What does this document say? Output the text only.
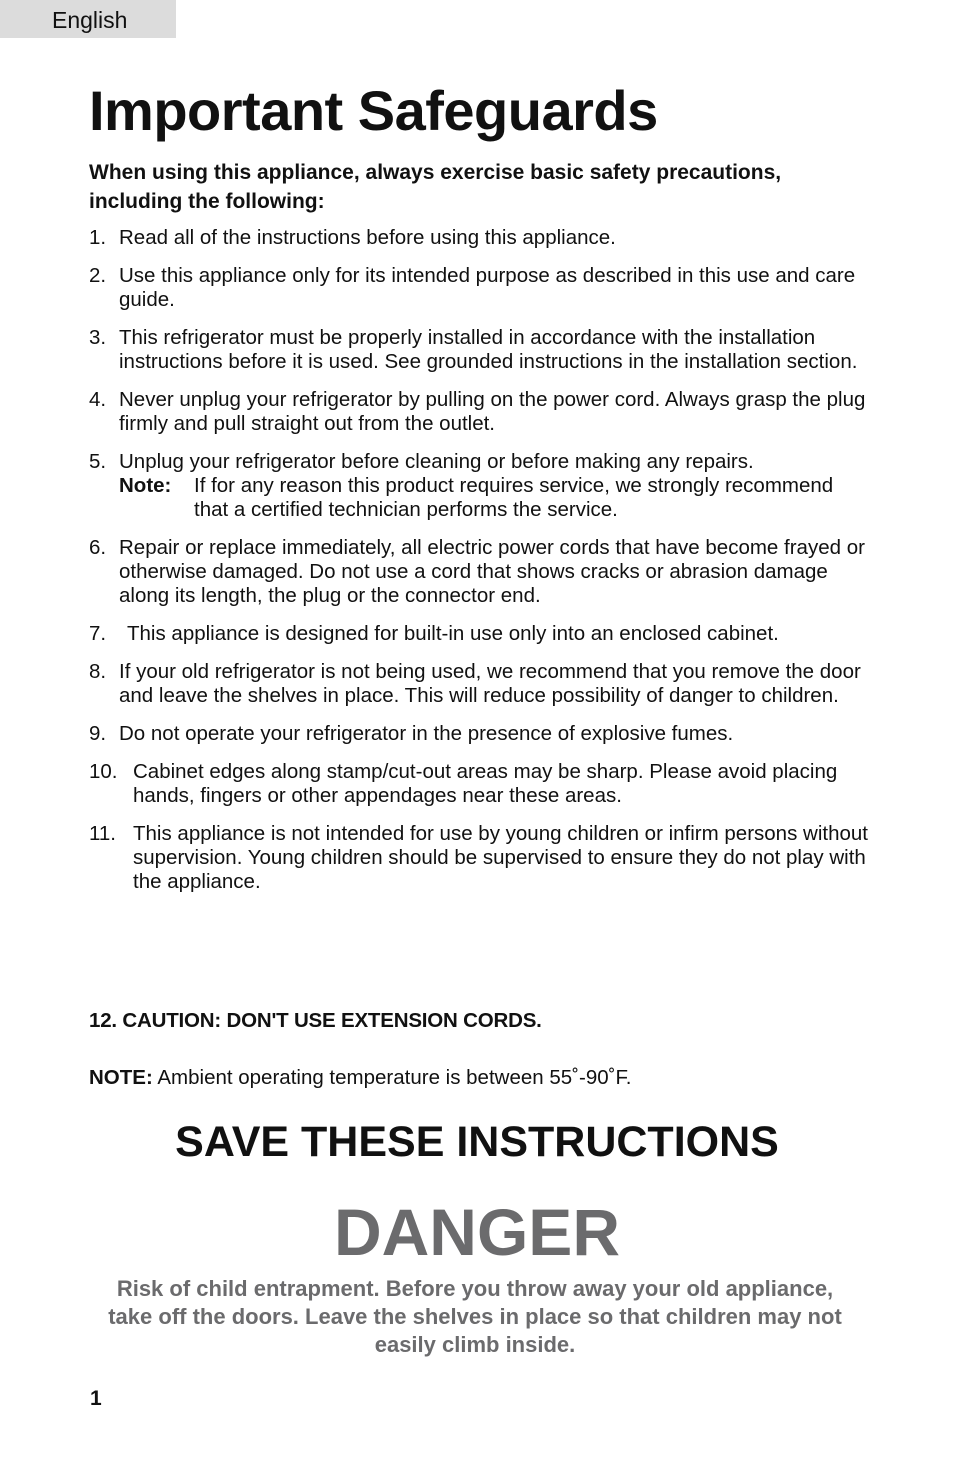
English
Important Safeguards

When using this appliance, always exercise basic safety precautions, including the following:

1. Read all of the instructions before using this appliance.
2. Use this appliance only for its intended purpose as described in this use and care guide.
3. This refrigerator must be properly installed in accordance with the installation instructions before it is used. See grounded instructions in the installation section.
4. Never unplug your refrigerator by pulling on the power cord. Always grasp the plug firmly and pull straight out from the outlet.
5. Unplug your refrigerator before cleaning or before making any repairs.
Note:	If for any reason this product requires service, we strongly recommend that a certified technician performs the service.
6. Repair or replace immediately, all electric power cords that have become frayed or otherwise damaged. Do not use a cord that shows cracks or abrasion damage along its length, the plug or the connector end.
7.	This appliance is designed for built-in use only into an enclosed cabinet.
8. If your old refrigerator is not being used, we recommend that you remove the door and leave the shelves in place. This will reduce possibility of danger to children.
9. Do not operate your refrigerator in the presence of explosive fumes.
10. Cabinet edges along stamp/cut-out areas may be sharp. Please avoid placing hands, fingers or other appendages near these areas.
11. This appliance is not intended for use by young children or infirm persons without supervision. Young children should be supervised to ensure they do not play with the appliance.
12. CAUTION: DON'T USE EXTENSION CORDS.
NOTE: Ambient operating temperature is between 55˚-90˚F.
SAVE THESE INSTRUCTIONS
DANGER
Risk of child entrapment. Before you throw away your old appliance, take off the doors. Leave the shelves in place so that children may not easily climb inside.
1
